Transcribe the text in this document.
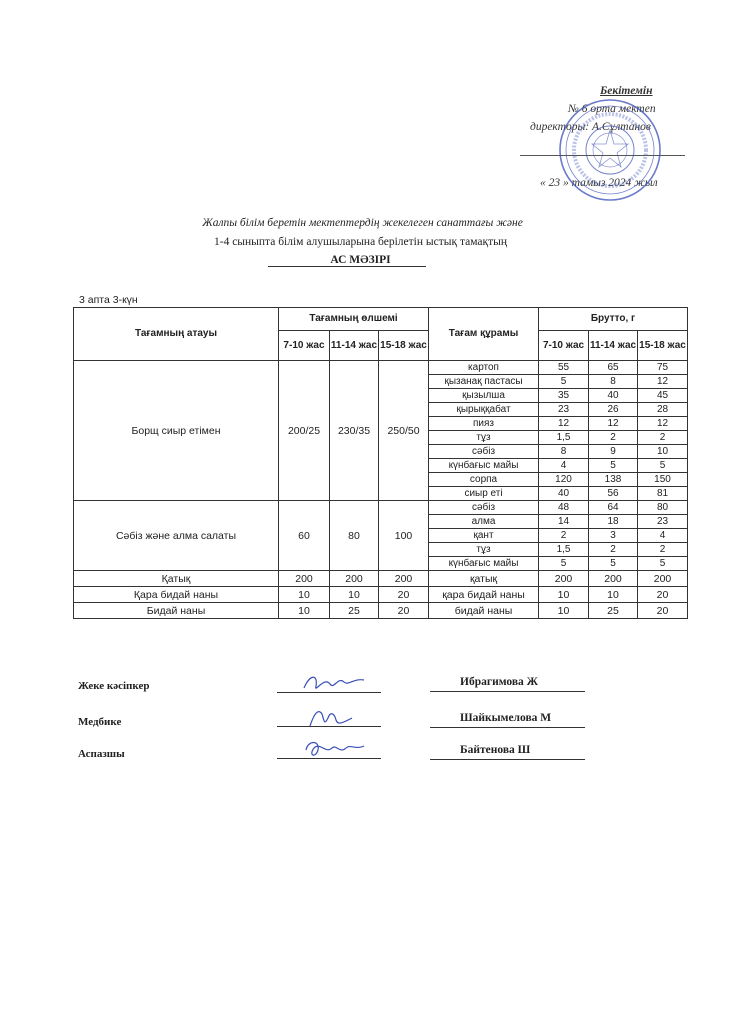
Бекітемін
№ 6 орта мектеп
директоры: А.Сұлтанов
« 23 » тамыз 2024 жыл
Жалпы білім беретін мектептердің жекелеген санаттағы және
1-4 сыныпта білім алушыларына берілетін ыстық тамақтың
АС МӘЗІРІ
3 апта 3-күн
Тағамның атауы	Тағамның өлшемі			Тағам құрамы	Брутто, г		
	7-10 жас	11-14 жас	15-18 жас		7-10 жас	11-14 жас	15-18 жас
Борщ сиыр етімен	200/25	230/35	250/50	картоп	55	65	75
				қызанақ пастасы	5	8	12
				қызылша	35	40	45
				қырыққабат	23	26	28
				пияз	12	12	12
				тұз	1,5	2	2
				сәбіз	8	9	10
				күнбағыс майы	4	5	5
				сорпа	120	138	150
				сиыр еті	40	56	81
Сәбіз және алма салаты	60	80	100	сәбіз	48	64	80
				алма	14	18	23
				қант	2	3	4
				тұз	1,5	2	2
				күнбағыс майы	5	5	5
Қатық	200	200	200	қатық	200	200	200
Қара бидай наны	10	10	20	қара бидай наны	10	10	20
Бидай наны	10	25	20	бидай наны	10	25	20
Жеке кәсіпкер	Ибрагимова Ж
Медбике	Шайкымелова М
Аспазшы	Байтенова Ш
